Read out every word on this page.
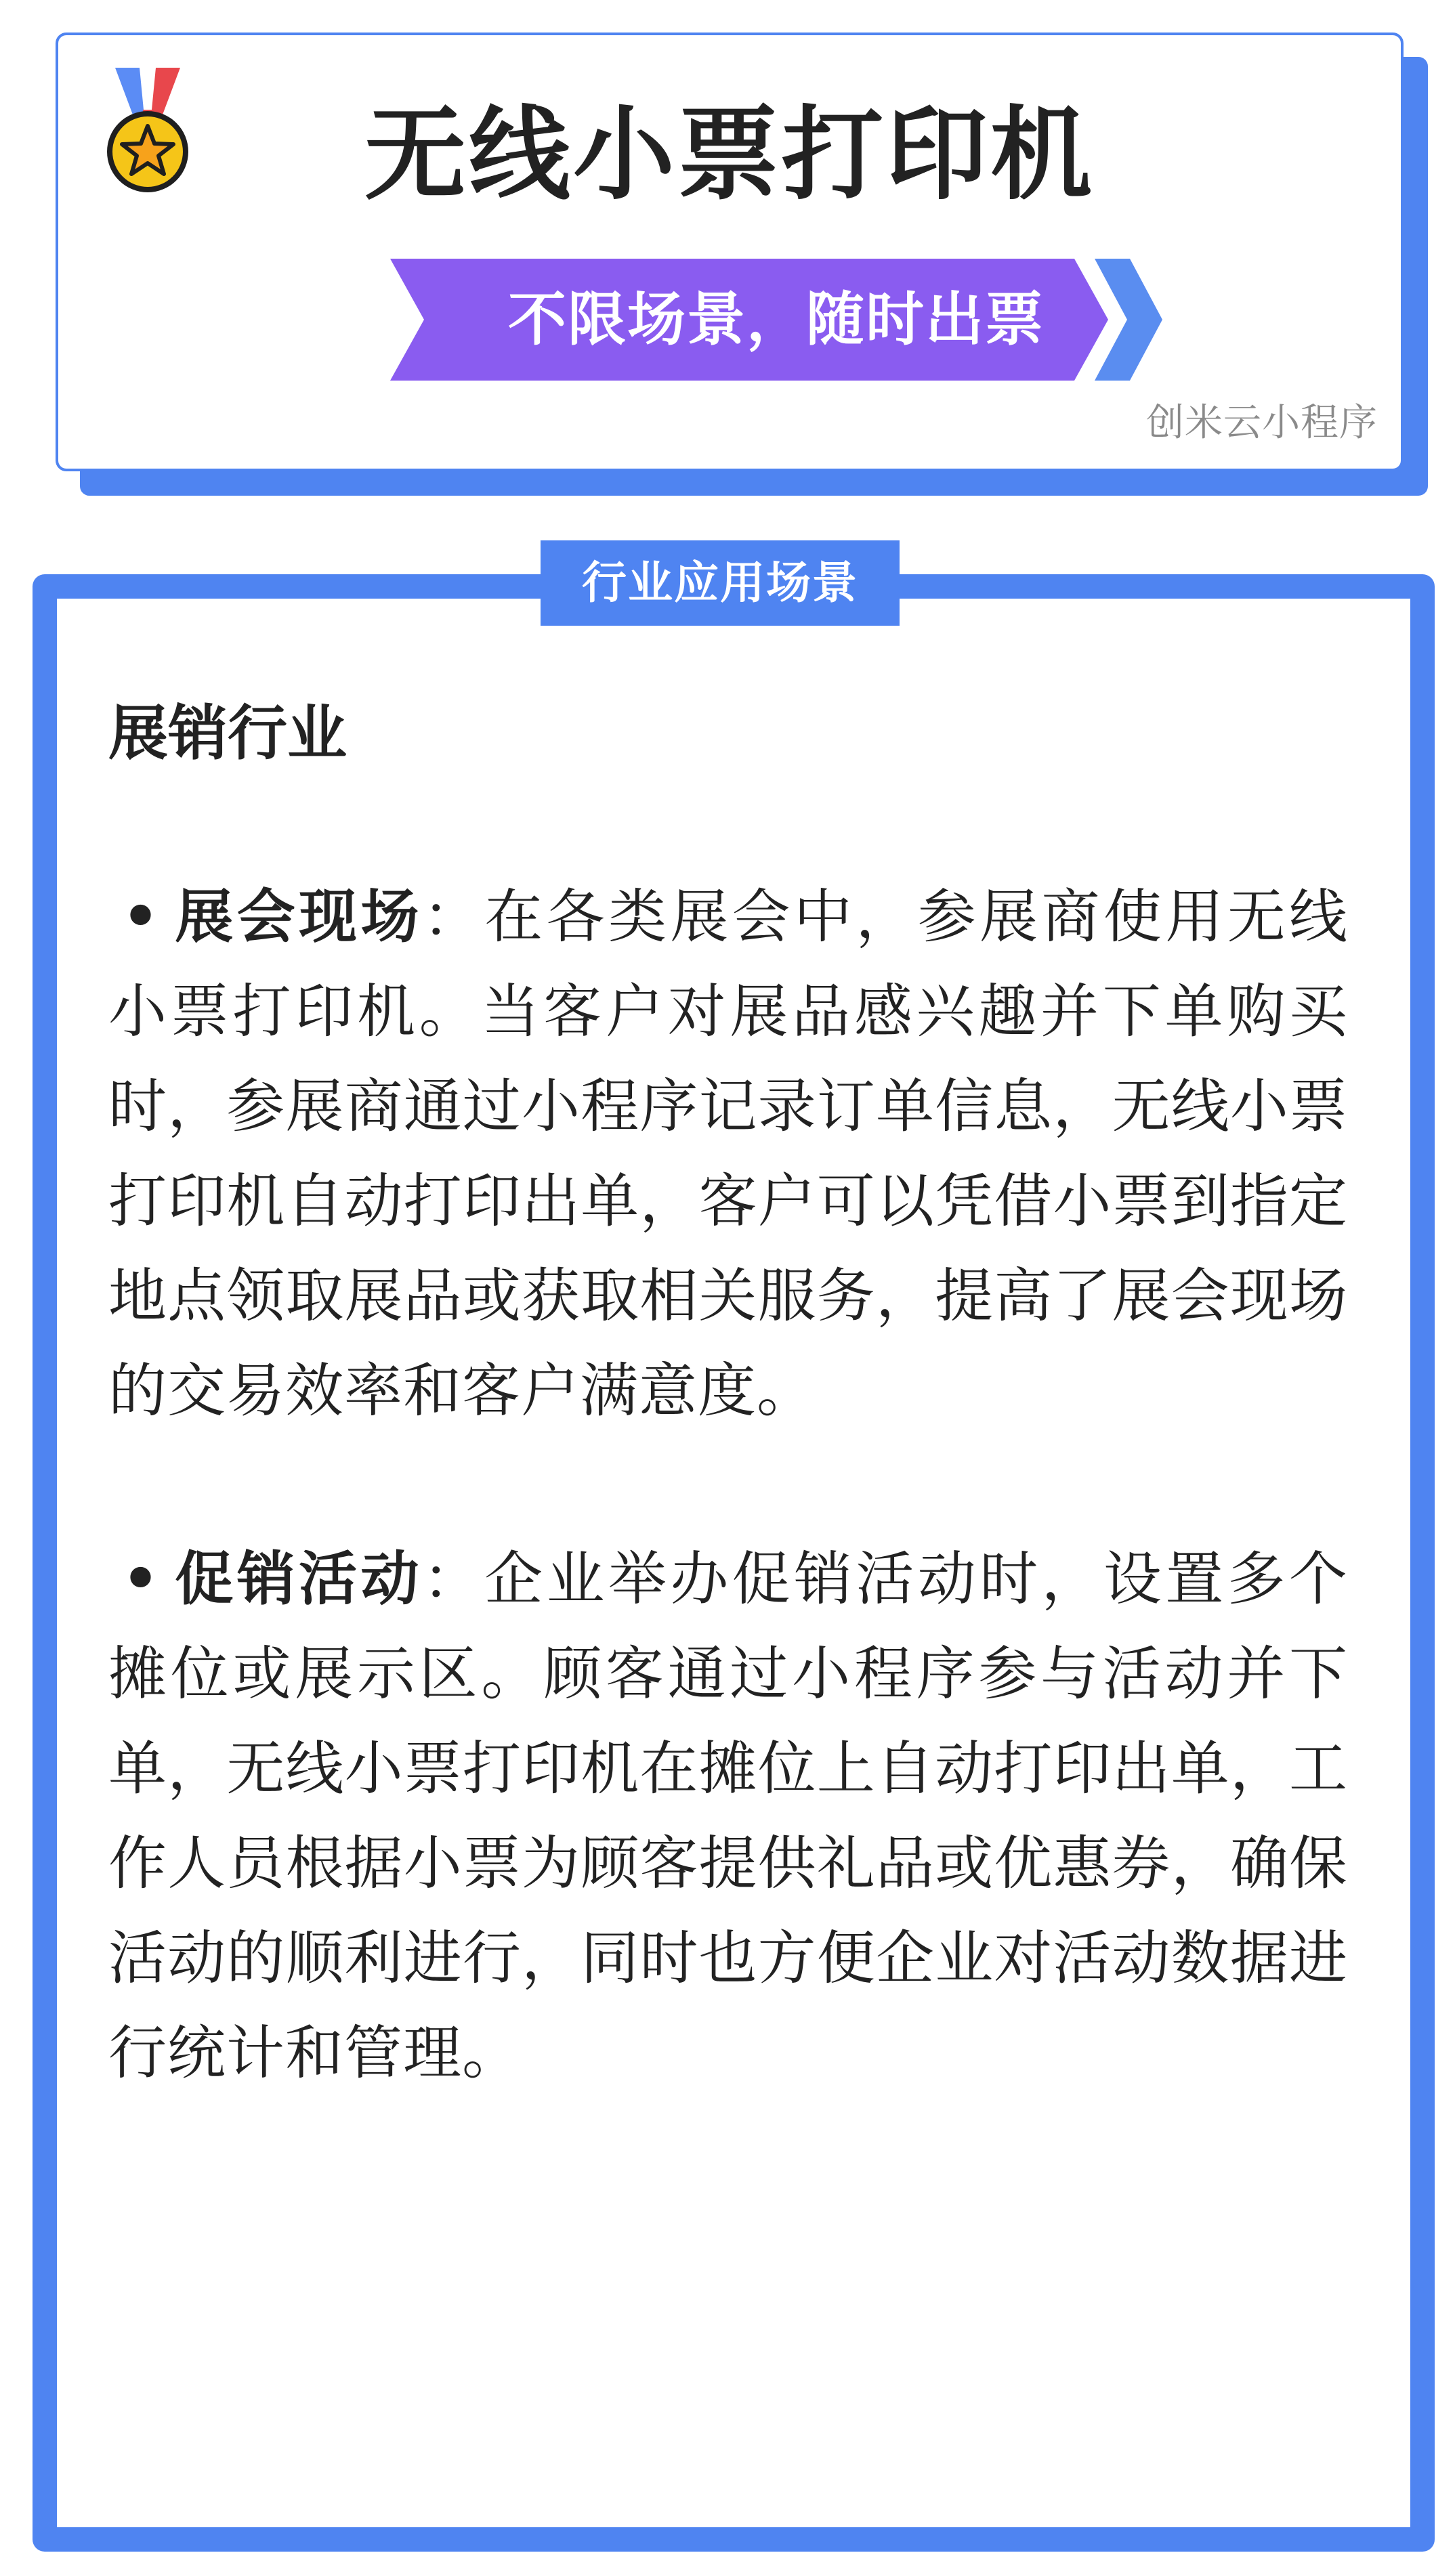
无线小票打印机
不限场景，随时出票
创米云小程序
行业应用场景
展销行业

• 展会现场：在各类展会中，参展商使用无线小票打印机。当客户对展品感兴趣并下单购买时，参展商通过小程序记录订单信息，无线小票打印机自动打印出单，客户可以凭借小票到指定地点领取展品或获取相关服务，提高了展会现场的交易效率和客户满意度。

• 促销活动：企业举办促销活动时，设置多个摊位或展示区。顾客通过小程序参与活动并下单，无线小票打印机在摊位上自动打印出单，工作人员根据小票为顾客提供礼品或优惠券，确保活动的顺利进行，同时也方便企业对活动数据进行统计和管理。
